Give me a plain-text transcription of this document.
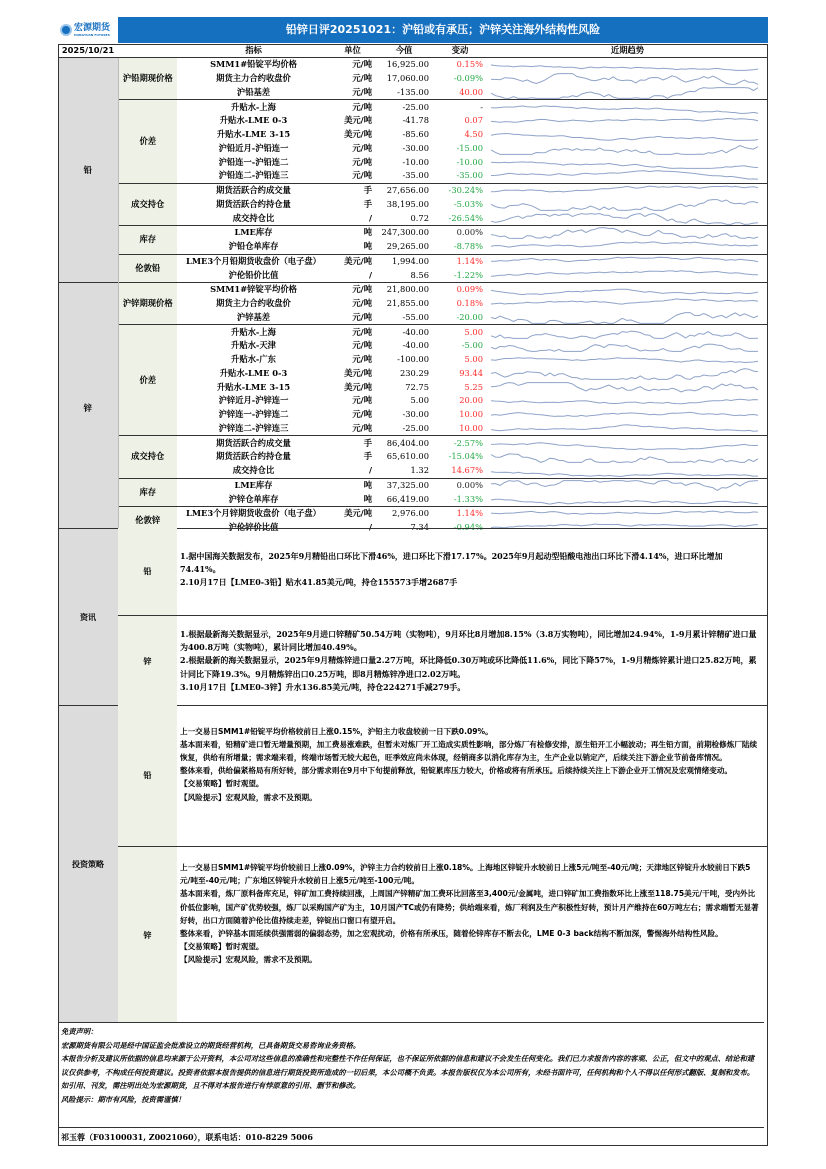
宏源期货
HONGYUAN FUTURES	铅锌日评20251021：沪铅或有承压；沪锌关注海外结构性风险
2025/10/21		指标	单位	今值	变动	近期趋势
铅	沪铅期现价格	SMM1#铅锭平均价格	元/吨	16,925.00	0.15%	

		期货主力合约收盘价	元/吨	17,060.00	-0.09%	

		沪铅基差	元/吨	-135.00	40.00	

	价差	升贴水-上海	元/吨	-25.00	-	

		升贴水-LME 0-3	美元/吨	-41.78	0.07	

		升贴水-LME 3-15	美元/吨	-85.60	4.50	

		沪铅近月-沪铅连一	元/吨	-30.00	-15.00	

		沪铅连一-沪铅连二	元/吨	-10.00	-10.00	

		沪铅连二-沪铅连三	元/吨	-35.00	-35.00	

	成交持仓	期货活跃合约成交量	手	27,656.00	-30.24%	

		期货活跃合约持仓量	手	38,195.00	-5.03%	

		成交持仓比	/	0.72	-26.54%	

	库存	LME库存	吨	247,300.00	0.00%	

		沪铅仓单库存	吨	29,265.00	-8.78%	

	伦敦铅	LME3个月铅期货收盘价（电子盘）	美元/吨	1,994.00	1.14%	

		沪伦铅价比值	/	8.56	-1.22%	

锌	沪锌期现价格	SMM1#锌锭平均价格	元/吨	21,800.00	0.09%	

		期货主力合约收盘价	元/吨	21,855.00	0.18%	

		沪锌基差	元/吨	-55.00	-20.00	

	价差	升贴水-上海	元/吨	-40.00	5.00	

		升贴水-天津	元/吨	-40.00	-5.00	

		升贴水-广东	元/吨	-100.00	5.00	

		升贴水-LME 0-3	美元/吨	230.29	93.44	

		升贴水-LME 3-15	美元/吨	72.75	5.25	

		沪锌近月-沪锌连一	元/吨	5.00	20.00	

		沪锌连一-沪锌连二	元/吨	-30.00	10.00	

		沪锌连二-沪锌连三	元/吨	-25.00	10.00	

	成交持仓	期货活跃合约成交量	手	86,404.00	-2.57%	

		期货活跃合约持仓量	手	65,610.00	-15.04%	

		成交持仓比	/	1.32	14.67%	

	库存	LME库存	吨	37,325.00	0.00%	

		沪锌仓单库存	吨	66,419.00	-1.33%	

	伦敦锌	LME3个月锌期货收盘价（电子盘）	美元/吨	2,976.00	1.14%	

		沪伦锌价比值	/	7.34	-0.94%	
资讯
铅
1.据中国海关数据发布，2025年9月精铅出口环比下滑46%，进口环比下滑17.17%。2025年9月起动型铅酸电池出口环比下滑4.14%，进口环比增加74.41%。
2.10月17日【LME0-3铅】贴水41.85美元/吨，持仓155573手增2687手
锌
1.根据最新海关数据显示，2025年9月进口锌精矿50.54万吨（实物吨），9月环比8月增加8.15%（3.8万实物吨），同比增加24.94%，1-9月累计锌精矿进口量为400.8万吨（实物吨），累计同比增加40.49%。
2.根据最新的海关数据显示，2025年9月精炼锌进口量2.27万吨，环比降低0.30万吨或环比降低11.6%，同比下降57%，1-9月精炼锌累计进口25.82万吨，累计同比下降19.3%。9月精炼锌出口0.25万吨，即8月精炼锌净进口2.02万吨。
3.10月17日【LME0-3锌】升水136.85美元/吨，持仓224271手减279手。
投资策略
铅
上一交易日SMM1#铅锭平均价格较前日上涨0.15%，沪铅主力收盘较前一日下跌0.09%。
基本面来看，铅精矿进口暂无增量预期，加工费易涨难跌，但暂未对炼厂开工造成实质性影响，部分炼厂有检修安排，原生铅开工小幅波动；再生铅方面，前期检修炼厂陆续恢复，供给有所增量；需求端来看，终端市场暂无较大起色，旺季效应尚未体现，经销商多以消化库存为主，生产企业以销定产，后续关注下游企业节前备库情况。
整体来看，供给偏紧格局有所好转，部分需求则在9月中下旬提前释放，铅锭累库压力较大，价格或将有所承压。后续持续关注上下游企业开工情况及宏观情绪变动。
【交易策略】暂时观望。
【风险提示】宏观风险，需求不及预期。
锌
上一交易日SMM1#锌锭平均价较前日上涨0.09%，沪锌主力合约较前日上涨0.18%。上海地区锌锭升水较前日上涨5元/吨至-40元/吨；天津地区锌锭升水较前日下跌5元/吨至-40元/吨；广东地区锌锭升水较前日上涨5元/吨至-100元/吨。
基本面来看，炼厂原料备库充足，锌矿加工费持续回涨，上周国产锌精矿加工费环比回落至3,400元/金属吨，进口锌矿加工费指数环比上涨至118.75美元/干吨，受内外比价低位影响，国产矿优势较强，炼厂以采购国产矿为主，10月国产TC或仍有降势；供给端来看，炼厂利润及生产积极性好转，预计月产维持在60万吨左右；需求端暂无显著好转，出口方面随着沪伦比值持续走差，锌锭出口窗口有望开启。
整体来看，沪锌基本面延续供强需弱的偏弱态势，加之宏观扰动，价格有所承压，随着伦锌库存不断去化，LME 0-3 back结构不断加深，警惕海外结构性风险。
【交易策略】暂时观望。
【风险提示】宏观风险，需求不及预期。
免责声明：
宏源期货有限公司是经中国证监会批准设立的期货经营机构，已具备期货交易咨询业务资格。
本报告分析及建议所依据的信息均来源于公开资料，本公司对这些信息的准确性和完整性不作任何保证，也不保证所依据的信息和建议不会发生任何变化。我们已力求报告内容的客观、公正，但文中的观点、结论和建议仅供参考，不构成任何投资建议。投资者依据本报告提供的信息进行期货投资所造成的一切后果，本公司概不负责。本报告版权仅为本公司所有，未经书面许可，任何机构和个人不得以任何形式翻版、复制和发布。如引用、刊发，需注明出处为宏源期货，且不得对本报告进行有悖原意的引用、删节和修改。
风险提示：期市有风险，投资需谨慎！
祁玉蓉（F03100031, Z0021060），联系电话：010-8229 5006
